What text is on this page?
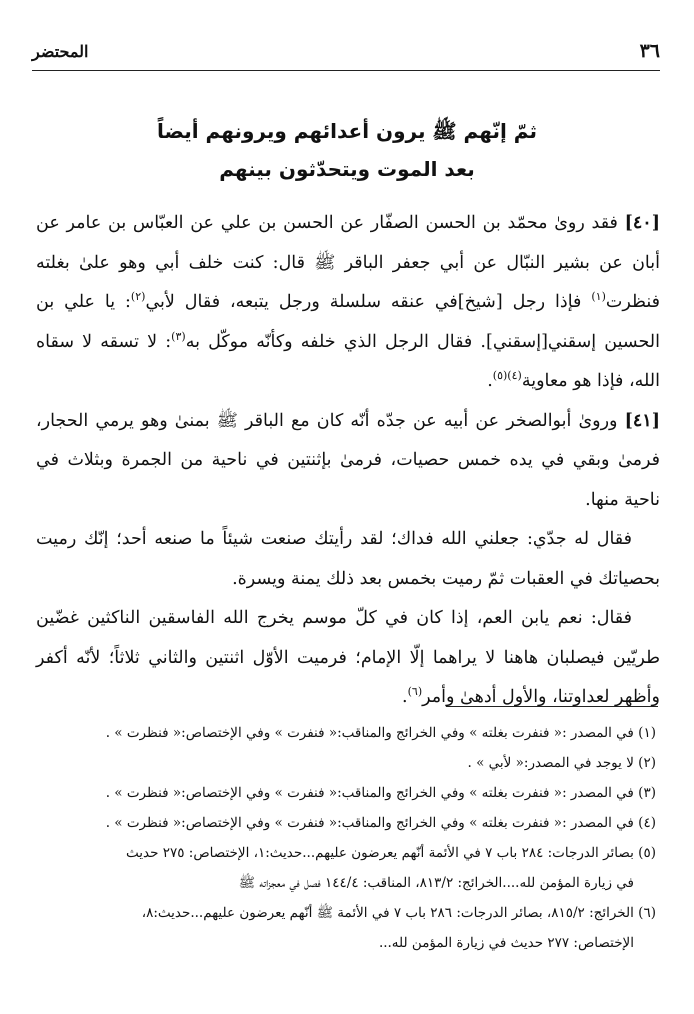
٣٦
المحتضر
ثمّ إنّهم ﷺ يرون أعدائهم ويرونهم أيضاً
بعد الموت ويتحدّثون بينهم

[٤٠] فقد روىٰ محمّد بن الحسن الصفّار عن الحسن بن علي عن العبّاس بن عامر عن أبان عن بشير النبّال عن أبي جعفر الباقر ﷺ قال: كنت خلف أبي وهو علىٰ بغلته فنظرت$^{(١)}$ فإذا رجل [شيخ]في عنقه سلسلة ورجل يتبعه، فقال لأبي$^{(٢)}$: يا علي بن الحسين إسقني[إسقني]. فقال الرجل الذي خلفه وكأنّه موكّل به$^{(٣)}$: لا تسقه لا سقاه الله، فإذا هو معاوية$^{(٤)(٥)}$.

[٤١] وروىٰ أبوالصخر عن أبيه عن جدّه أنّه كان مع الباقر ﷺ بمنىٰ وهو يرمي الحجار، فرمىٰ وبقي في يده خمس حصيات، فرمىٰ بإثنتين في ناحية من الجمرة وبثلاث في ناحية منها.

فقال له جدّي: جعلني الله فداك؛ لقد رأيتك صنعت شيئاً ما صنعه أحد؛ إنّك رميت بحصياتك في العقبات ثمّ رميت بخمس بعد ذلك يمنة ويسرة.

فقال: نعم يابن العم، إذا كان في كلّ موسم يخرج الله الفاسقين الناكثين غضّين طريّين فيصلبان هاهنا لا يراهما إلّا الإمام؛ فرميت الأوّل اثنتين والثاني ثلاثاً؛ لأنّه أكفر وأظهر لعداوتنا، والأول أدهىٰ وأمر$^{(٦)}$.

(١) في المصدر :« فنفرت بغلته » وفي الخرائج والمناقب:« فنفرت » وفي الإختصاص:« فنظرت » .

(٢) لا يوجد في المصدر:« لأبي » .

(٣) في المصدر :« فنفرت بغلته » وفي الخرائج والمناقب:« فنفرت » وفي الإختصاص:« فنظرت » .

(٤) في المصدر :« فنفرت بغلته » وفي الخرائج والمناقب:« فنفرت » وفي الإختصاص:« فنظرت » .

(٥) بصائر الدرجات: ٢٨٤ باب ٧ في الأئمة أنّهم يعرضون عليهم...حديث:١، الإختصاص: ٢٧٥ حديث

في زيارة المؤمن لله....الخرائج: ٨١٣/٢، المناقب: ١٤٤/٤ فصل في معجزاته ﷺ

(٦) الخرائج: ٨١٥/٢، بصائر الدرجات: ٢٨٦ باب ٧ في الأئمة ﷺ أنّهم يعرضون عليهم...حديث:٨،

الإختصاص: ٢٧٧ حديث في زيارة المؤمن لله...
